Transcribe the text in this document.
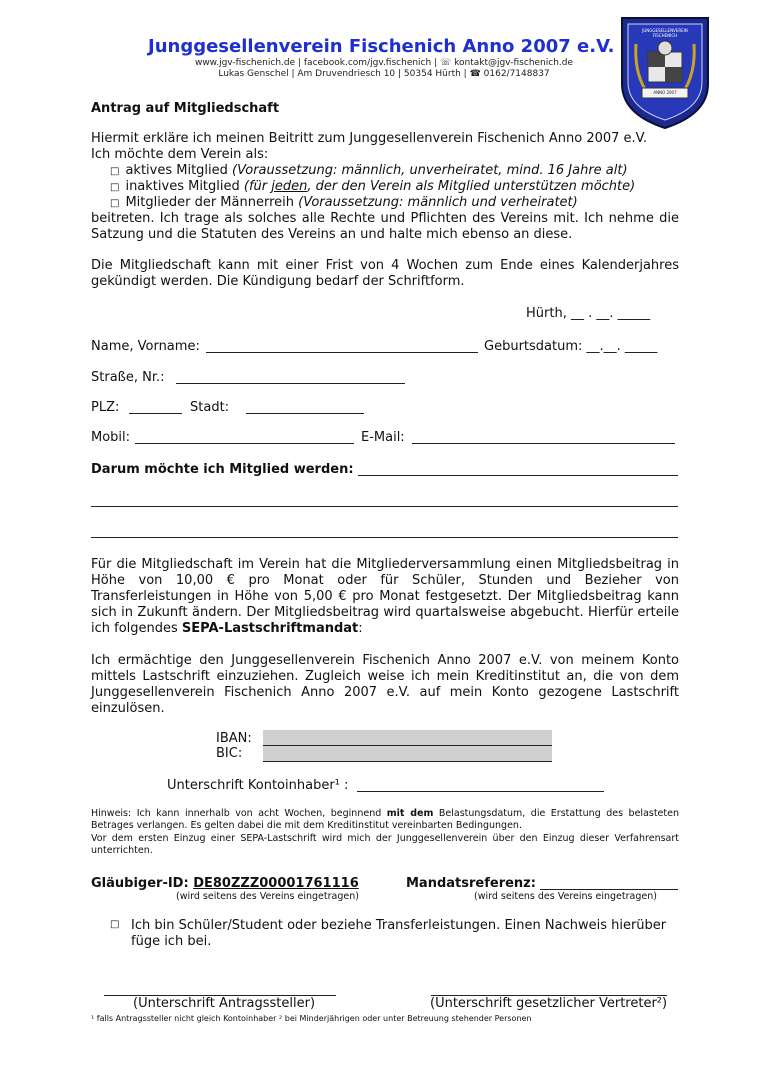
Junggesellenverein Fischenich Anno 2007 e.V.
www.jgv-fischenich.de | facebook.com/jgv.fischenich | ☏ kontakt@jgv-fischenich.de
Lukas Genschel | Am Druvendriesch 10 | 50354 Hürth | ☎ 0162/7148837
JUNGGESELLENVEREIN FISCHENICH
ANNO 2007
Antrag auf Mitgliedschaft
Hiermit erkläre ich meinen Beitritt zum Junggesellenverein Fischenich Anno 2007 e.V.
Ich möchte dem Verein als:
□ aktives Mitglied (Voraussetzung: männlich, unverheiratet, mind. 16 Jahre alt)
□ inaktives Mitglied (für jeden, der den Verein als Mitglied unterstützen möchte)
□ Mitglieder der Männerreih (Voraussetzung: männlich und verheiratet)
beitreten. Ich trage als solches alle Rechte und Pflichten des Vereins mit. Ich nehme die Satzung und die Statuten des Vereins an und halte mich ebenso an diese.
Die Mitgliedschaft kann mit einer Frist von 4 Wochen zum Ende eines Kalenderjahres gekündigt werden. Die Kündigung bedarf der Schriftform.
Hürth, __ . __. _____
Name, Vorname:	Geburtsdatum: __.__. _____
Straße, Nr.:
PLZ:	Stadt:
Mobil:	E-Mail:
Darum möchte ich Mitglied werden:
Für die Mitgliedschaft im Verein hat die Mitgliederversammlung einen Mitgliedsbeitrag in Höhe von 10,00 € pro Monat oder für Schüler, Stunden und Bezieher von Transferleistungen in Höhe von 5,00 € pro Monat festgesetzt. Der Mitgliedsbeitrag kann sich in Zukunft ändern. Der Mitgliedsbeitrag wird quartalsweise abgebucht. Hierfür erteile ich folgendes SEPA-Lastschriftmandat:
Ich ermächtige den Junggesellenverein Fischenich Anno 2007 e.V. von meinem Konto mittels Lastschrift einzuziehen. Zugleich weise ich mein Kreditinstitut an, die von dem Junggesellenverein Fischenich Anno 2007 e.V. auf mein Konto gezogene Lastschrift einzulösen.
IBAN:
BIC:
Unterschrift Kontoinhaber¹ :
Hinweis: Ich kann innerhalb von acht Wochen, beginnend mit dem Belastungsdatum, die Erstattung des belasteten Betrages verlangen. Es gelten dabei die mit dem Kreditinstitut vereinbarten Bedingungen.
Vor dem ersten Einzug einer SEPA-Lastschrift wird mich der Junggesellenverein über den Einzug dieser Verfahrensart unterrichten.
Gläubiger-ID: DE80ZZZ00001761116
(wird seitens des Vereins eingetragen)
Mandatsreferenz:
(wird seitens des Vereins eingetragen)
□ Ich bin Schüler/Student oder beziehe Transferleistungen. Einen Nachweis hierüber füge ich bei.
(Unterschrift Antragssteller)	(Unterschrift gesetzlicher Vertreter²)
¹ falls Antragssteller nicht gleich Kontoinhaber ² bei Minderjährigen oder unter Betreuung stehender Personen
